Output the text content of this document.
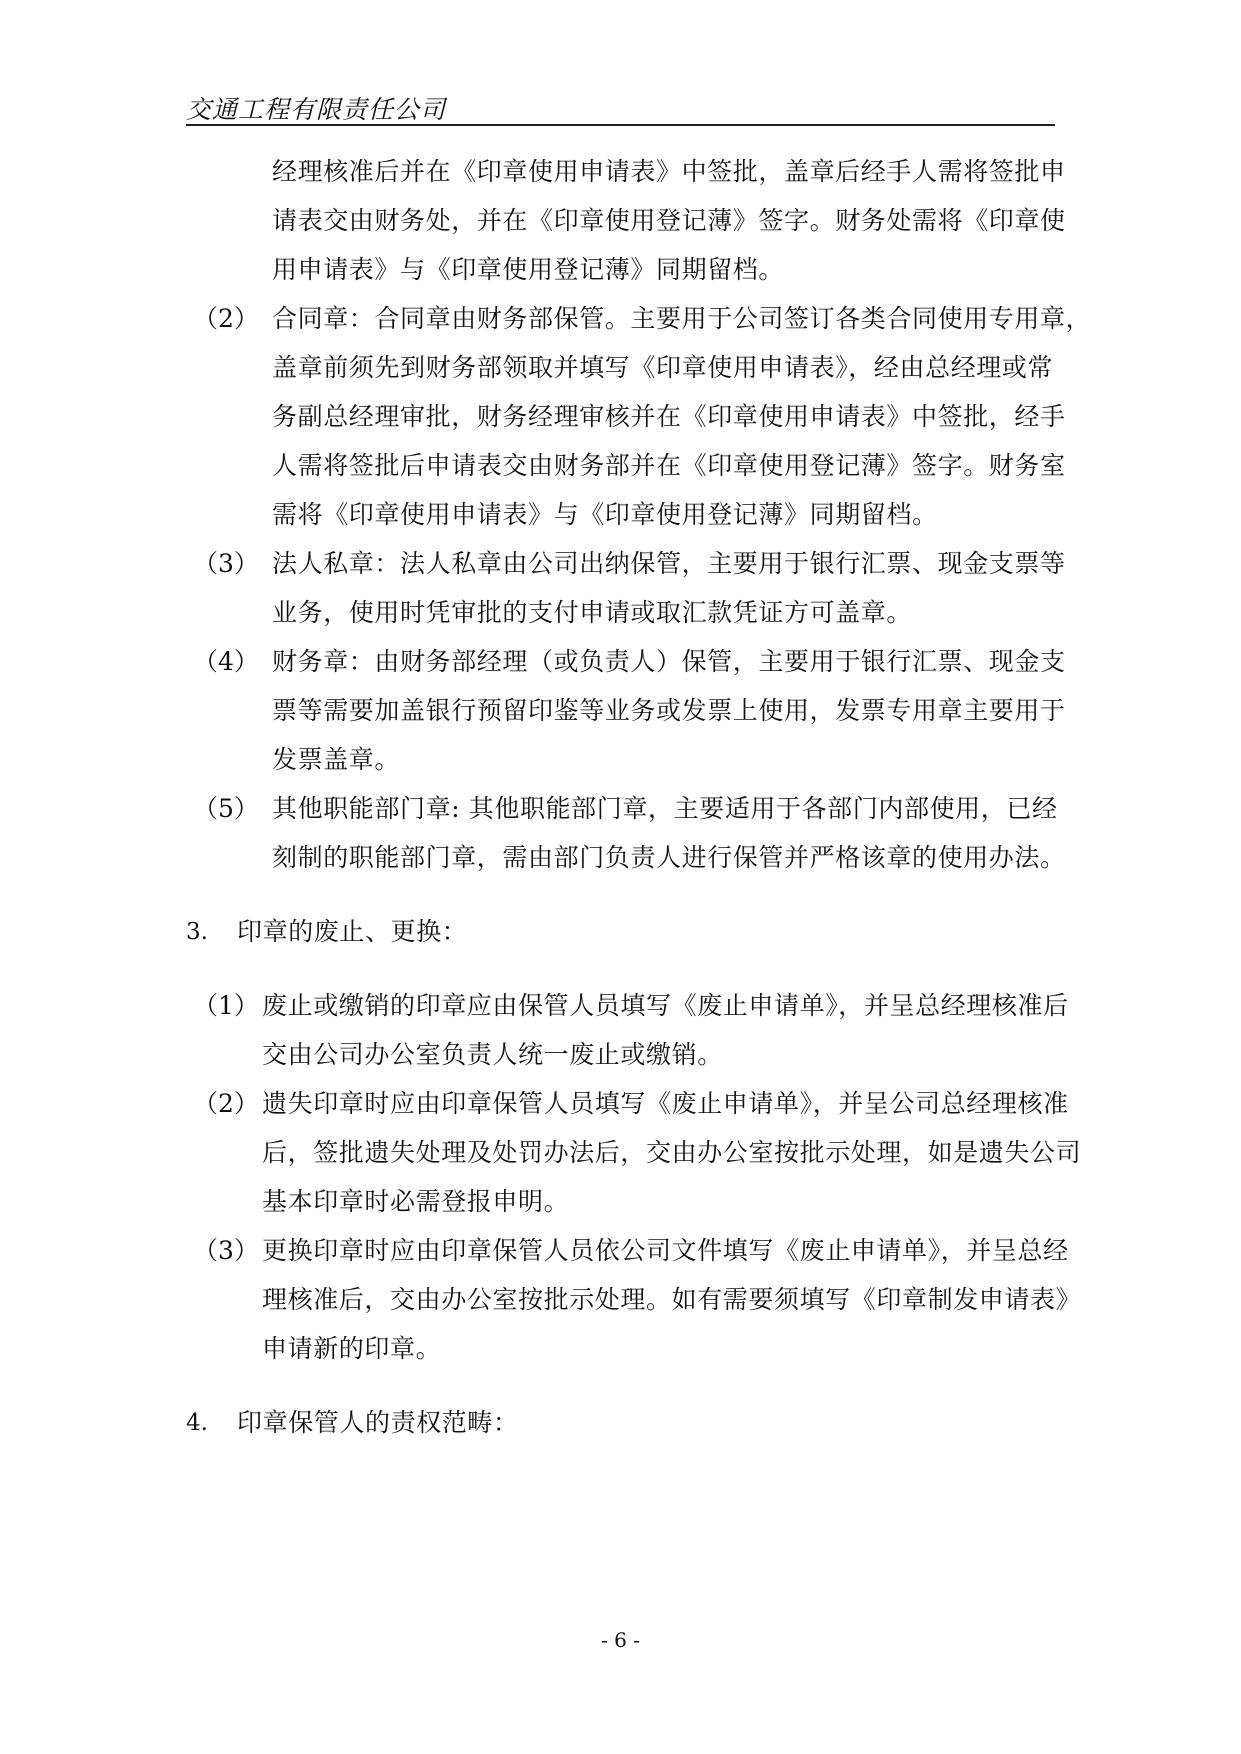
交通工程有限责任公司
经理核准后并在《印章使用申请表》中签批，盖章后经手人需将签批申
请表交由财务处，并在《印章使用登记薄》签字。财务处需将《印章使
用申请表》与《印章使用登记薄》同期留档。
（2） 合同章：合同章由财务部保管。主要用于公司签订各类合同使用专用章，
盖章前须先到财务部领取并填写《印章使用申请表》，经由总经理或常
务副总经理审批，财务经理审核并在《印章使用申请表》中签批，经手
人需将签批后申请表交由财务部并在《印章使用登记薄》签字。财务室
需将《印章使用申请表》与《印章使用登记薄》同期留档。
（3） 法人私章：法人私章由公司出纳保管，主要用于银行汇票、现金支票等
业务，使用时凭审批的支付申请或取汇款凭证方可盖章。
（4） 财务章：由财务部经理（或负责人）保管，主要用于银行汇票、现金支
票等需要加盖银行预留印鉴等业务或发票上使用，发票专用章主要用于
发票盖章。
（5） 其他职能部门章: 其他职能部门章，主要适用于各部门内部使用，已经
刻制的职能部门章，需由部门负责人进行保管并严格该章的使用办法。
3. 印章的废止、更换：
（1） 废止或缴销的印章应由保管人员填写《废止申请单》，并呈总经理核准后
交由公司办公室负责人统一废止或缴销。
（2） 遗失印章时应由印章保管人员填写《废止申请单》，并呈公司总经理核准
后，签批遗失处理及处罚办法后，交由办公室按批示处理，如是遗失公司
基本印章时必需登报申明。
（3） 更换印章时应由印章保管人员依公司文件填写《废止申请单》，并呈总经
理核准后，交由办公室按批示处理。如有需要须填写《印章制发申请表》
申请新的印章。
4. 印章保管人的责权范畴：
- 6 -
